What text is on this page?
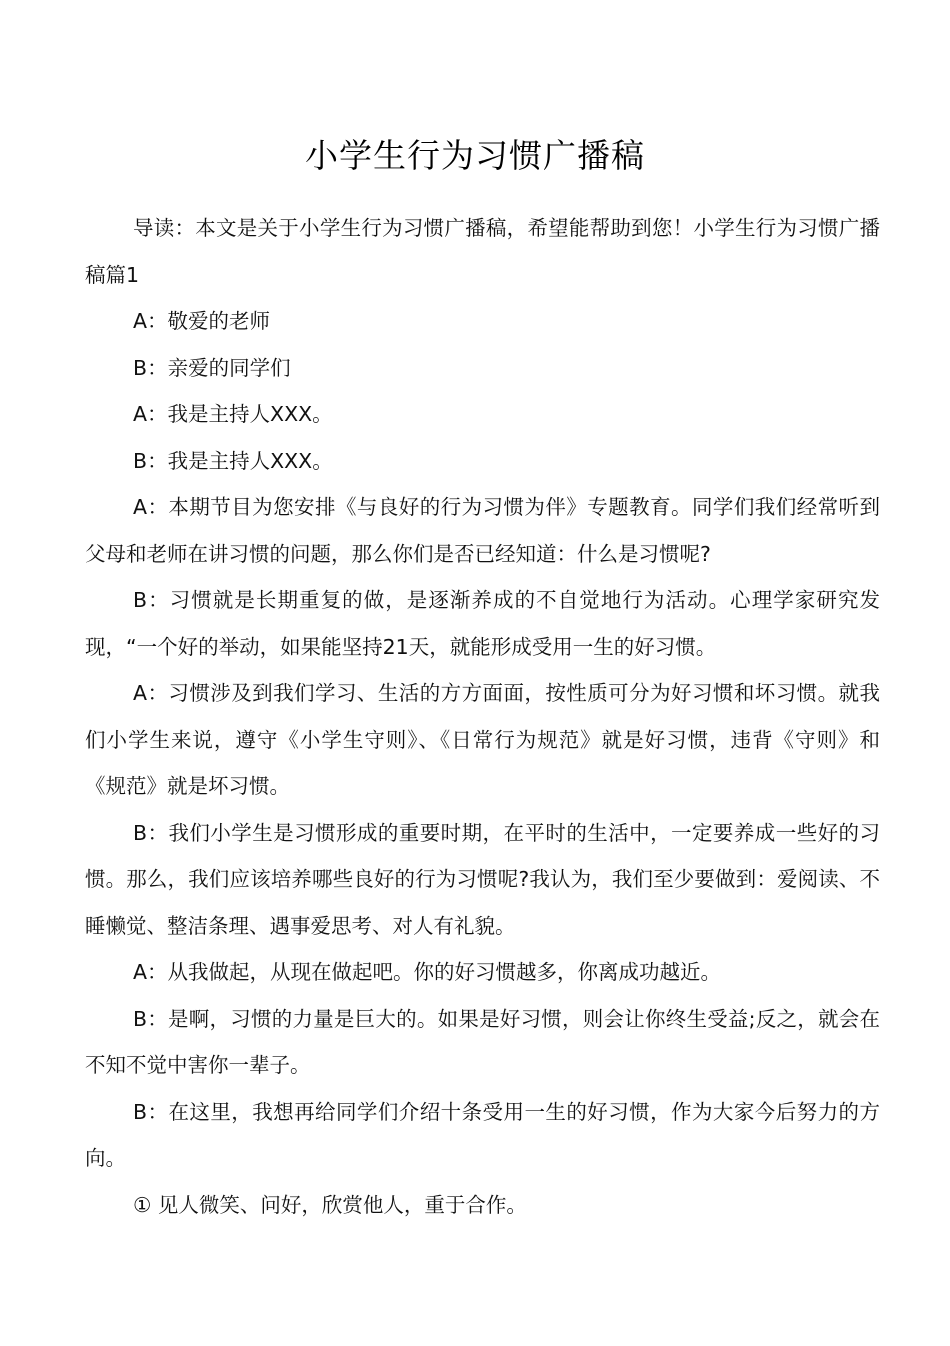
小学生行为习惯广播稿

导读：本文是关于小学生行为习惯广播稿，希望能帮助到您！小学生行为习惯广播稿篇1

A：敬爱的老师

B：亲爱的同学们

A：我是主持人XXX。

B：我是主持人XXX。

A：本期节目为您安排《与良好的行为习惯为伴》专题教育。同学们我们经常听到父母和老师在讲习惯的问题，那么你们是否已经知道：什么是习惯呢?

B：习惯就是长期重复的做，是逐渐养成的不自觉地行为活动。心理学家研究发现，“一个好的举动，如果能坚持21天，就能形成受用一生的好习惯。

A：习惯涉及到我们学习、生活的方方面面，按性质可分为好习惯和坏习惯。就我们小学生来说，遵守《小学生守则》、《日常行为规范》就是好习惯，违背《守则》和《规范》就是坏习惯。

B：我们小学生是习惯形成的重要时期，在平时的生活中，一定要养成一些好的习惯。那么，我们应该培养哪些良好的行为习惯呢?我认为，我们至少要做到：爱阅读、不睡懒觉、整洁条理、遇事爱思考、对人有礼貌。

A：从我做起，从现在做起吧。你的好习惯越多，你离成功越近。

B：是啊，习惯的力量是巨大的。如果是好习惯，则会让你终生受益;反之，就会在不知不觉中害你一辈子。

B：在这里，我想再给同学们介绍十条受用一生的好习惯，作为大家今后努力的方向。

① 见人微笑、问好，欣赏他人，重于合作。
